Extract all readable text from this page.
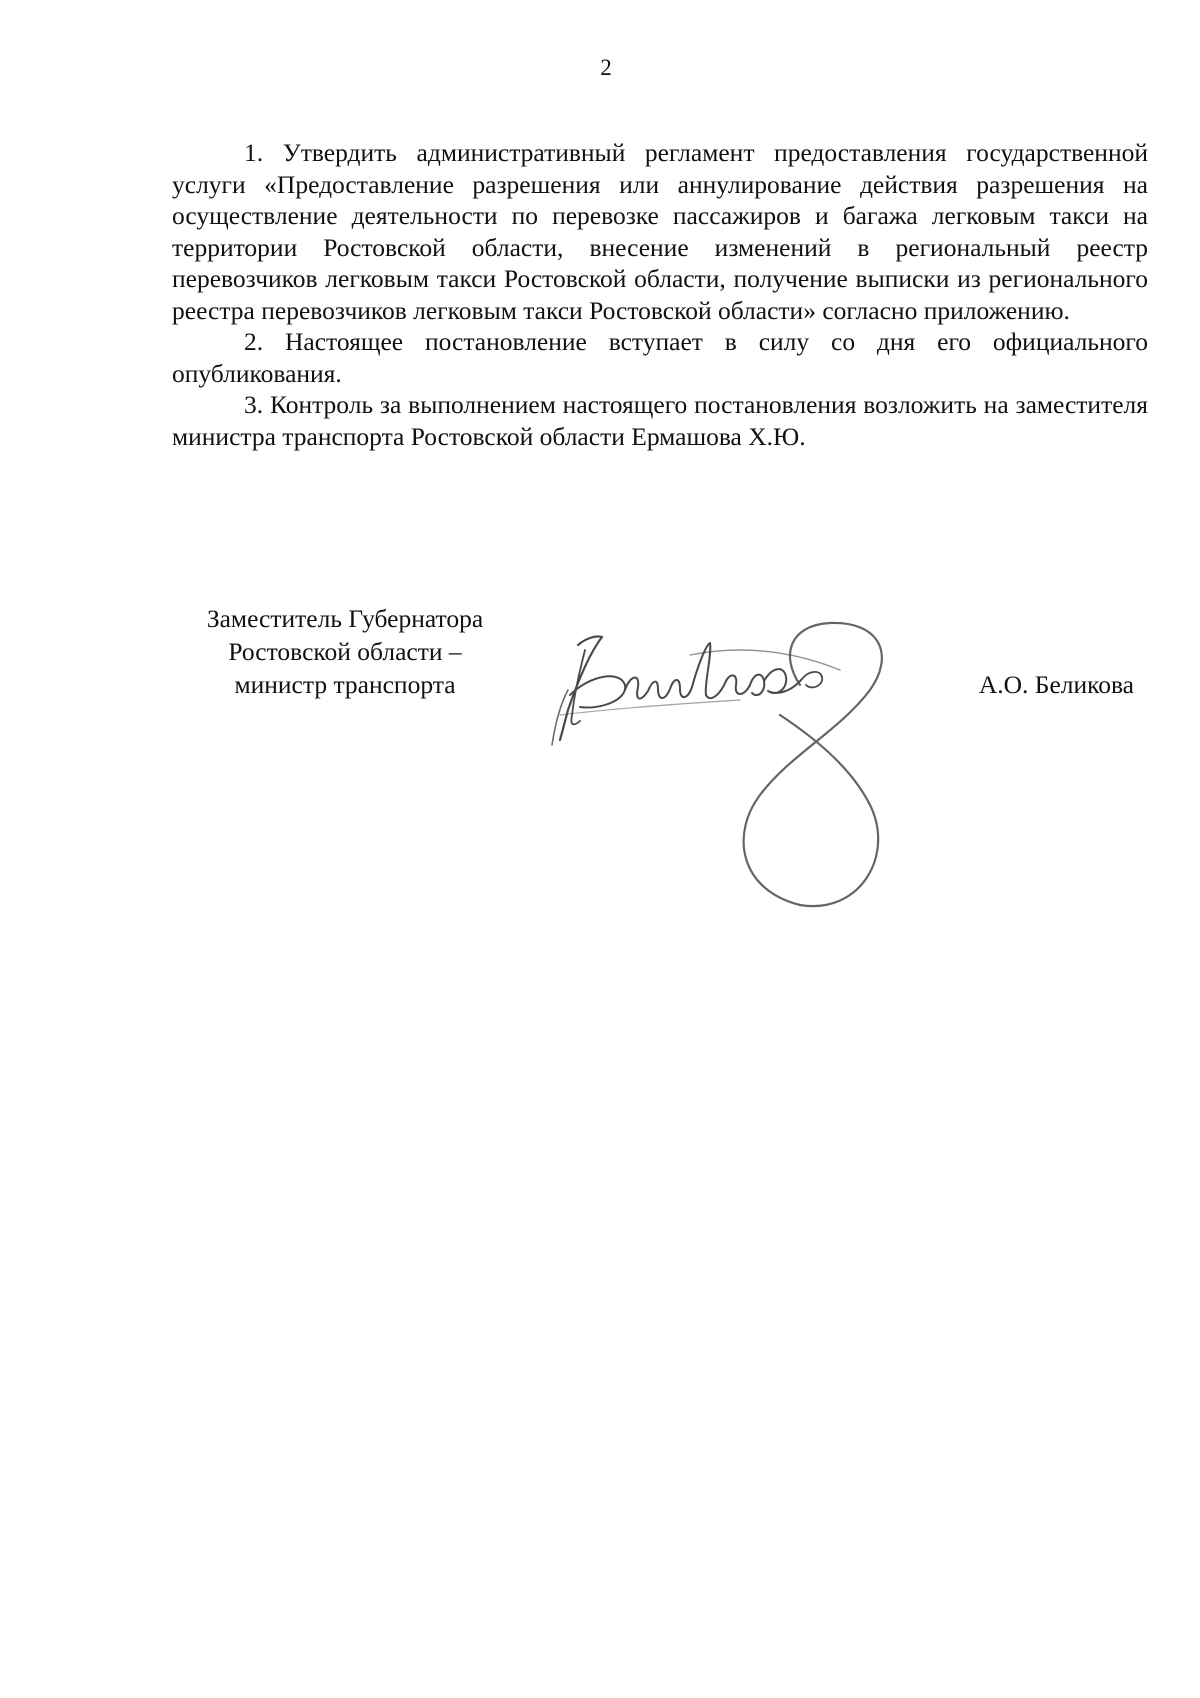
2

1. Утвердить административный регламент предоставления государственной услуги «Предоставление разрешения или аннулирование действия разрешения на осуществление деятельности по перевозке пассажиров и багажа легковым такси на территории Ростовской области, внесение изменений в региональный реестр перевозчиков легковым такси Ростовской области, получение выписки из регионального реестра перевозчиков легковым такси Ростовской области» согласно приложению.

2. Настоящее постановление вступает в силу со дня его официального опубликования.

3. Контроль за выполнением настоящего постановления возложить на заместителя министра транспорта Ростовской области Ермашова Х.Ю.

Заместитель Губернатора
Ростовской области –
министр транспорта	А.О. Беликова
